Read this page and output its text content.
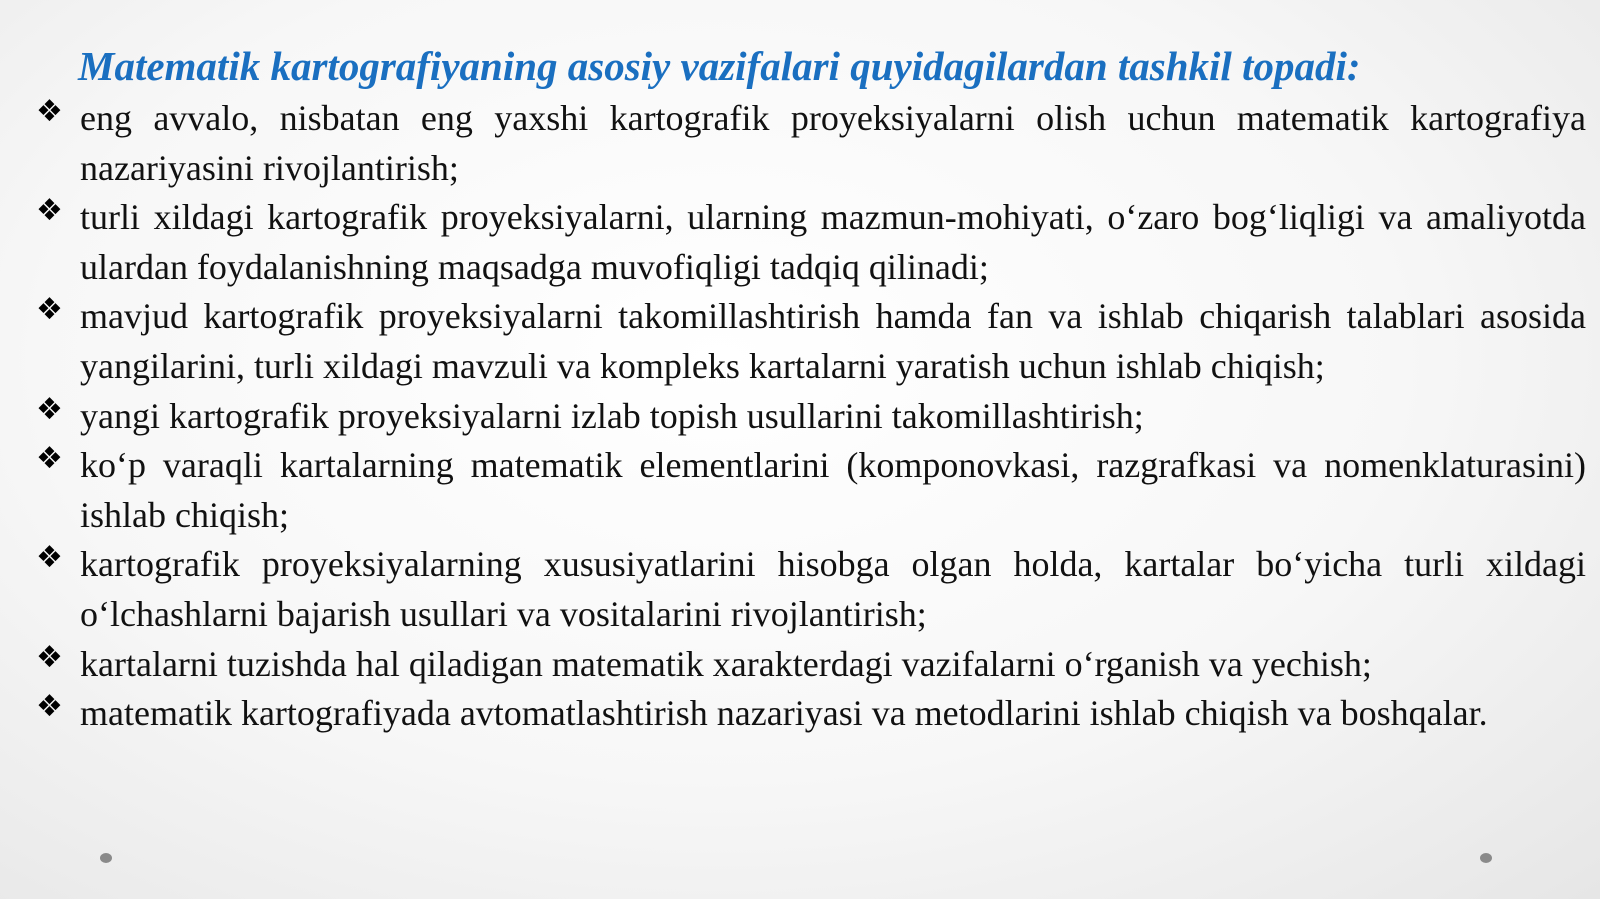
Matematik kartografiyaning asosiy vazifalari quyidagilardan tashkil topadi:
❖ eng avvalo, nisbatan eng yaxshi kartografik proyeksiyalarni olish uchun matematik kartografiya nazariyasini rivojlantirish;
❖ turli xildagi kartografik proyeksiyalarni, ularning mazmun-mohiyati, o‘zaro bog‘liqligi va amaliyotda ulardan foydalanishning maqsadga muvofiqligi tadqiq qilinadi;
❖ mavjud kartografik proyeksiyalarni takomillashtirish hamda fan va ishlab chiqarish talablari asosida yangilarini, turli xildagi mavzuli va kompleks kartalarni yaratish uchun ishlab chiqish;
❖ yangi kartografik proyeksiyalarni izlab topish usullarini takomillashtirish;
❖ ko‘p varaqli kartalarning matematik elementlarini (komponovkasi, razgrafkasi va nomenklaturasini) ishlab chiqish;
❖ kartografik proyeksiyalarning xususiyatlarini hisobga olgan holda, kartalar bo‘yicha turli xildagi o‘lchashlarni bajarish usullari va vositalarini rivojlantirish;
❖ kartalarni tuzishda hal qiladigan matematik xarakterdagi vazifalarni o‘rganish va yechish;
❖ matematik kartografiyada avtomatlashtirish nazariyasi va metodlarini ishlab chiqish va boshqalar.
